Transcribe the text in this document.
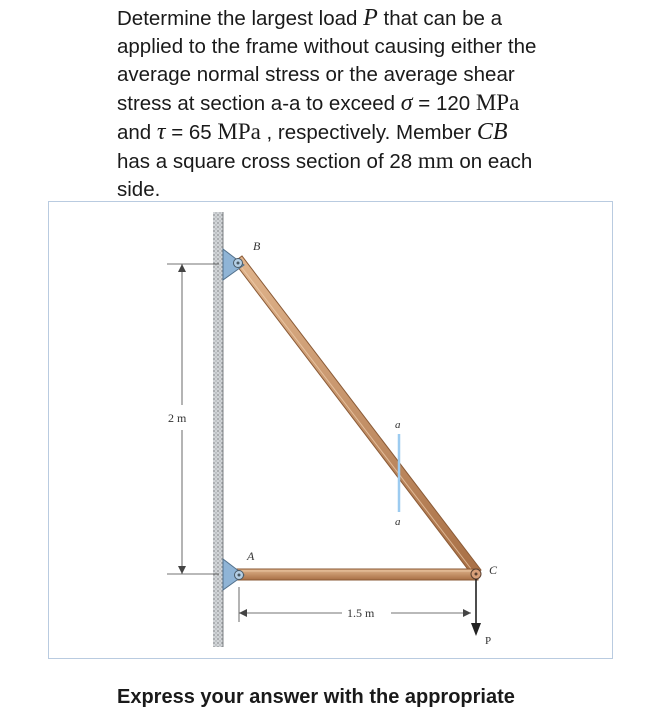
Determine the largest load P that can be a
applied to the frame without causing either the
average normal stress or the average shear
stress at section a-a to exceed σ = 120 MPa
and τ = 65 MPa , respectively. Member CB
has a square cross section of 28 mm on each
side.
2 m
B
A
C
a
a
P
1.5 m
Express your answer with the appropriate
